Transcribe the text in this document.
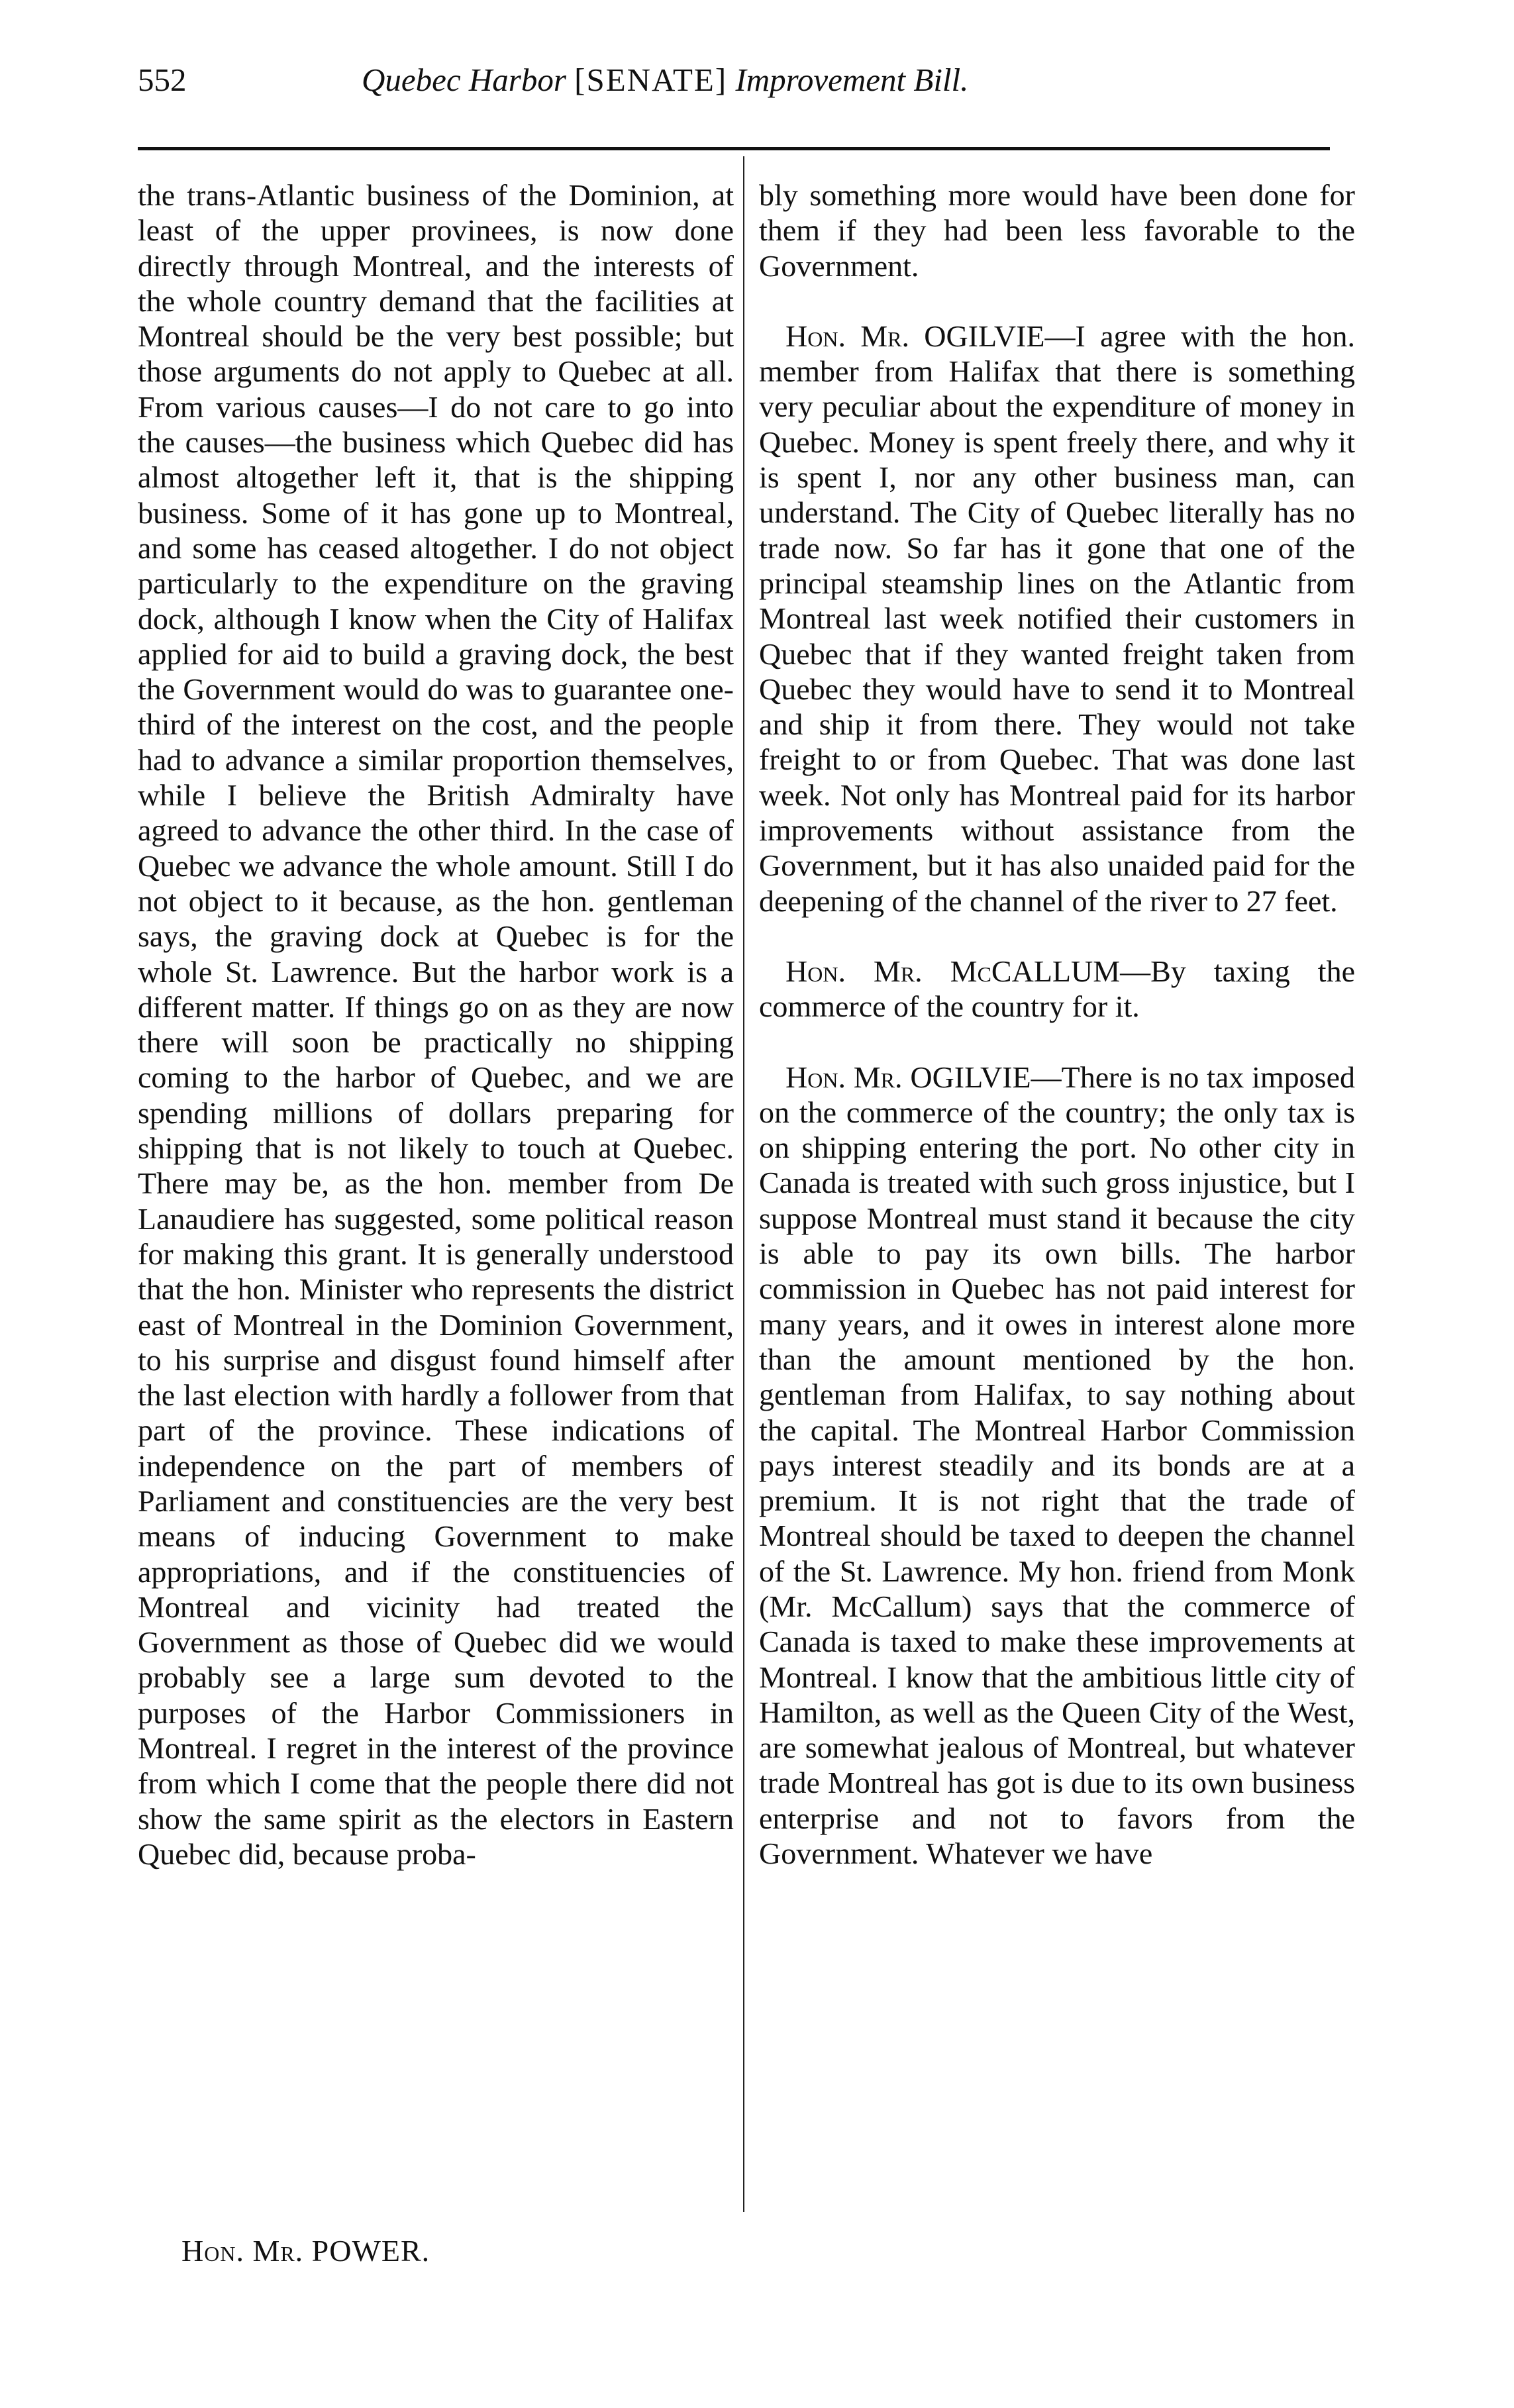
552	Quebec Harbor [SENATE] Improvement Bill.

the trans-Atlantic business of the Dominion, at least of the upper provinees, is now done directly through Montreal, and the interests of the whole country demand that the facilities at Montreal should be the very best possible; but those arguments do not apply to Quebec at all. From various causes—I do not care to go into the causes—the business which Quebec did has almost altogether left it, that is the shipping business. Some of it has gone up to Montreal, and some has ceased altogether. I do not object particularly to the expenditure on the graving dock, although I know when the City of Halifax applied for aid to build a graving dock, the best the Government would do was to guarantee one-third of the interest on the cost, and the people had to advance a similar proportion themselves, while I believe the British Admiralty have agreed to advance the other third. In the case of Quebec we advance the whole amount. Still I do not object to it because, as the hon. gentleman says, the graving dock at Quebec is for the whole St. Lawrence. But the harbor work is a different matter. If things go on as they are now there will soon be practically no shipping coming to the harbor of Quebec, and we are spending millions of dollars preparing for shipping that is not likely to touch at Quebec. There may be, as the hon. member from De Lanaudiere has suggested, some political reason for making this grant. It is generally understood that the hon. Minister who represents the district east of Montreal in the Dominion Government, to his surprise and disgust found himself after the last election with hardly a follower from that part of the province. These indications of independence on the part of members of Parliament and constituencies are the very best means of inducing Government to make appropriations, and if the constituencies of Montreal and vicinity had treated the Government as those of Quebec did we would probably see a large sum devoted to the purposes of the Harbor Commissioners in Montreal. I regret in the interest of the province from which I come that the people there did not show the same spirit as the electors in Eastern Quebec did, because proba-

bly something more would have been done for them if they had been less favorable to the Government.

Hon. Mr. OGILVIE—I agree with the hon. member from Halifax that there is something very peculiar about the expenditure of money in Quebec. Money is spent freely there, and why it is spent I, nor any other business man, can understand. The City of Quebec literally has no trade now. So far has it gone that one of the principal steamship lines on the Atlantic from Montreal last week notified their customers in Quebec that if they wanted freight taken from Quebec they would have to send it to Montreal and ship it from there. They would not take freight to or from Quebec. That was done last week. Not only has Montreal paid for its harbor improvements without assistance from the Government, but it has also unaided paid for the deepening of the channel of the river to 27 feet.

Hon. Mr. McCALLUM—By taxing the commerce of the country for it.

Hon. Mr. OGILVIE—There is no tax imposed on the commerce of the country; the only tax is on shipping entering the port. No other city in Canada is treated with such gross injustice, but I suppose Montreal must stand it because the city is able to pay its own bills. The harbor commission in Quebec has not paid interest for many years, and it owes in interest alone more than the amount mentioned by the hon. gentleman from Halifax, to say nothing about the capital. The Montreal Harbor Commission pays interest steadily and its bonds are at a premium. It is not right that the trade of Montreal should be taxed to deepen the channel of the St. Lawrence. My hon. friend from Monk (Mr. McCallum) says that the commerce of Canada is taxed to make these improvements at Montreal. I know that the ambitious little city of Hamilton, as well as the Queen City of the West, are somewhat jealous of Montreal, but whatever trade Montreal has got is due to its own business enterprise and not to favors from the Government. Whatever we have

Hon. Mr. POWER.
